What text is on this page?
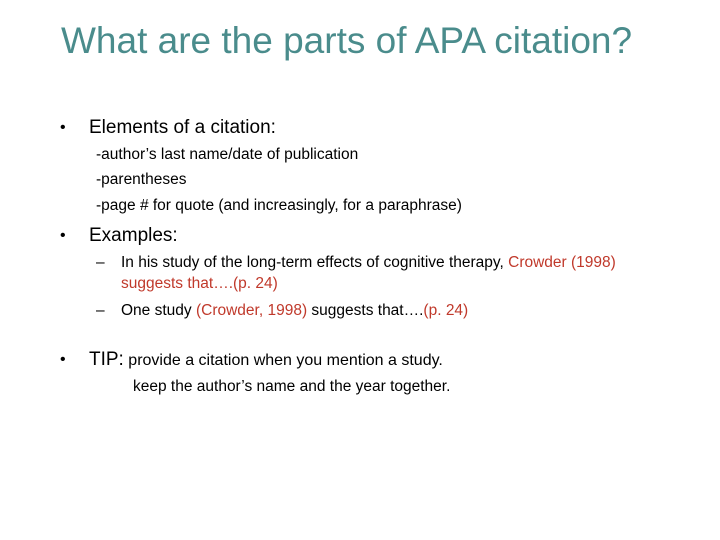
What are the parts of APA citation?
• Elements of a citation:
-author’s last name/date of publication
-parentheses
-page # for quote (and increasingly, for a paraphrase)
• Examples:
– In his study of the long-term effects of cognitive therapy, Crowder (1998) suggests that….(p. 24)
– One study (Crowder, 1998) suggests that….(p. 24)
• TIP: provide a citation when you mention a study.
keep the author’s name and the year together.
